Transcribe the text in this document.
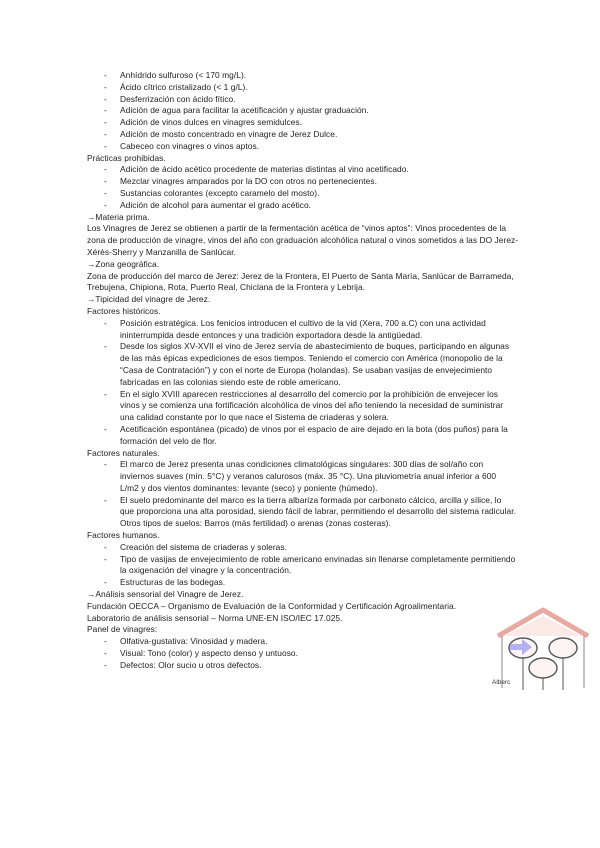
- Anhídrido sulfuroso (< 170 mg/L).
- Ácido cítrico cristalizado (< 1 g/L).
- Desferrización con ácido fítico.
- Adición de agua para facilitar la acetificación y ajustar graduación.
- Adición de vinos dulces en vinagres semidulces.
- Adición de mosto concentrado en vinagre de Jerez Dulce.
- Cabeceo con vinagres o vinos aptos.
Prácticas prohibidas.
- Adición de ácido acético procedente de materias distintas al vino acetificado.
- Mezclar vinagres amparados por la DO con otros no pertenecientes.
- Sustancias colorantes (excepto caramelo del mosto).
- Adición de alcohol para aumentar el grado acético.
→Materia prima.
Los Vinagres de Jerez se obtienen a partir de la fermentación acética de “vinos aptos”: Vinos procedentes de la zona de producción de vinagre, vinos del año con graduación alcohólica natural o vinos sometidos a las DO Jerez-Xérès-Sherry y Manzanilla de Sanlúcar.
→Zona geográfica.
Zona de producción del marco de Jerez: Jerez de la Frontera, El Puerto de Santa María, Sanlúcar de Barrameda, Trebujena, Chipiona, Rota, Puerto Real, Chiclana de la Frontera y Lebrija.
→Tipicidad del vinagre de Jerez.
Factores históricos.
- Posición estratégica. Los fenicios introducen el cultivo de la vid (Xera, 700 a.C) con una actividad ininterrumpida desde entonces y una tradición exportadora desde la antigüedad.
- Desde los siglos XV-XVII el vino de Jerez servía de abastecimiento de buques, participando en algunas de las más épicas expediciones de esos tiempos. Teniendo el comercio con América (monopolio de la “Casa de Contratación”) y con el norte de Europa (holandas). Se usaban vasijas de envejecimiento fabricadas en las colonias siendo este de roble americano.
- En el siglo XVIII aparecen restricciones al desarrollo del comercio por la prohibición de envejecer los vinos y se comienza una fortificación alcohólica de vinos del año teniendo la necesidad de suministrar una calidad constante por lo que nace el Sistema de criaderas y solera.
- Acetificación espontánea (picado) de vinos por el espacio de aire dejado en la bota (dos puños) para la formación del velo de flor.
Factores naturales.
- El marco de Jerez presenta unas condiciones climatológicas singulares: 300 días de sol/año con inviernos suaves (mín. 5°C) y veranos calurosos (máx. 35 °C). Una pluviometría anual inferior a 600 L/m2 y dos vientos dominantes: levante (seco) y poniente (húmedo).
- El suelo predominante del marco es la tierra albariza formada por carbonato cálcico, arcilla y sílice, lo que proporciona una alta porosidad, siendo fácil de labrar, permitiendo el desarrollo del sistema radicular. Otros tipos de suelos: Barros (más fertilidad) o arenas (zonas costeras).
Factores humanos.
- Creación del sistema de criaderas y soleras.
- Tipo de vasijas de envejecimiento de roble americano envinadas sin llenarse completamente permitiendo la oxigenación del vinagre y la concentración.
- Estructuras de las bodegas.
→Análisis sensorial del Vinagre de Jerez.
Fundación OECCA – Organismo de Evaluación de la Conformidad y Certificación Agroalimentaria.
Laboratorio de análisis sensorial – Norma UNE-EN ISO/IEC 17.025.
Panel de vinagres:
- Olfativa-gustativa: Vinosidad y madera.
- Visual: Tono (color) y aspecto denso y untuoso.
- Defectos: Olor sucio u otros defectos.
Alberc
